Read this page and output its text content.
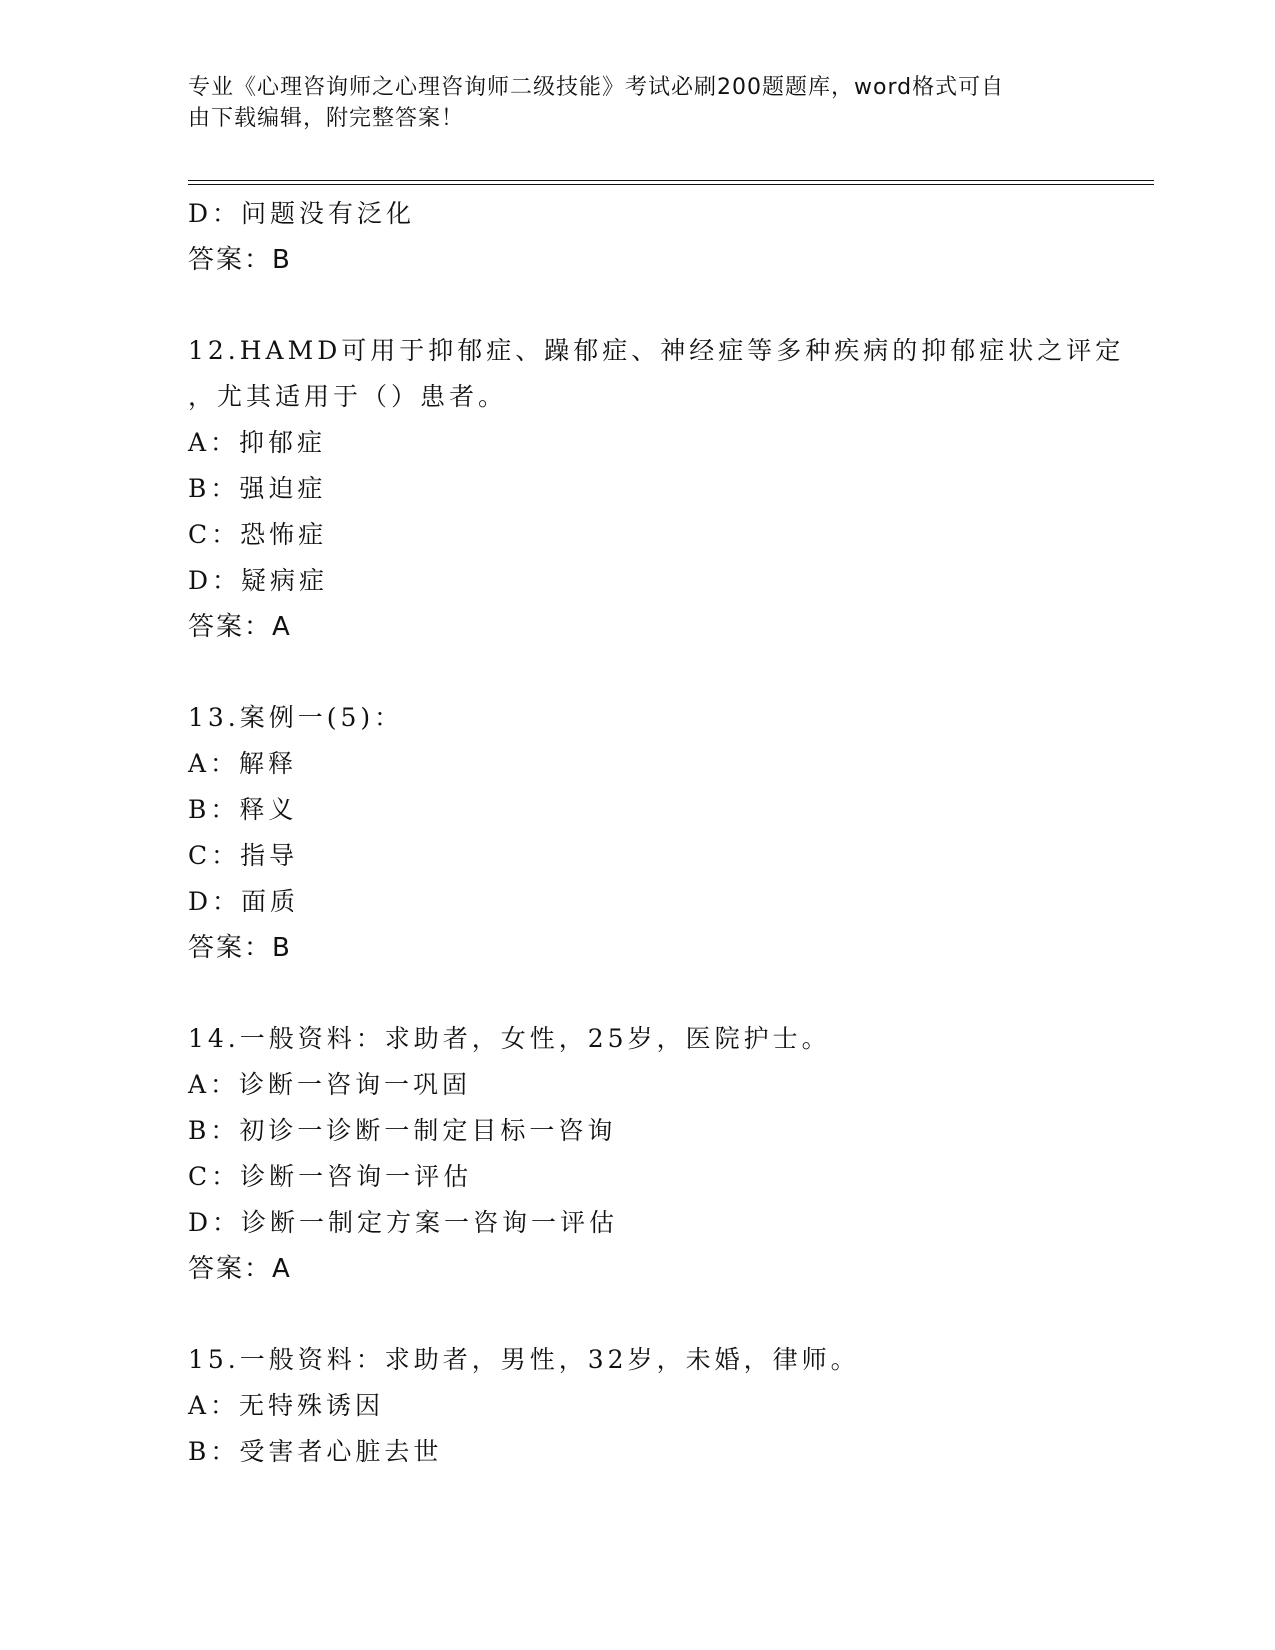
专业《心理咨询师之心理咨询师二级技能》考试必刷200题题库，word格式可自
由下载编辑，附完整答案！
D：问题没有泛化
答案：B
12.HAMD可用于抑郁症、躁郁症、神经症等多种疾病的抑郁症状之评定
，尤其适用于（）患者。
A：抑郁症
B：强迫症
C：恐怖症
D：疑病症
答案：A
13.案例一(5)：
A：解释
B：释义
C：指导
D：面质
答案：B
14.一般资料：求助者，女性，25岁，医院护士。
A：诊断一咨询一巩固
B：初诊一诊断一制定目标一咨询
C：诊断一咨询一评估
D：诊断一制定方案一咨询一评估
答案：A
15.一般资料：求助者，男性，32岁，未婚，律师。
A：无特殊诱因
B：受害者心脏去世
